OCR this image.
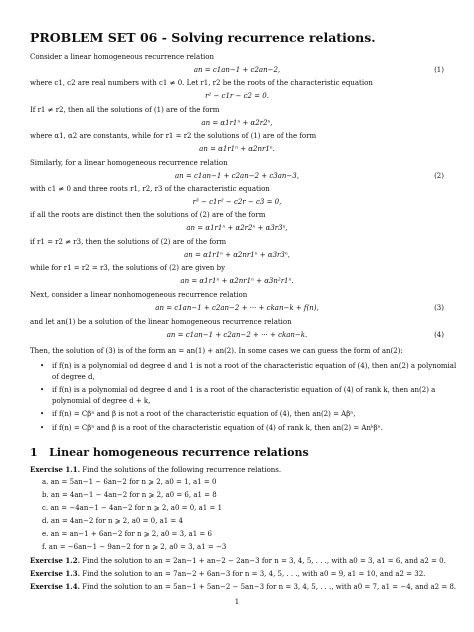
PROBLEM SET 06 - Solving recurrence relations.
Consider a linear homogeneous recurrence relation
an = c1an−1 + c2an−2,	(1)
where c1, c2 are real numbers with c1 ≠ 0. Let r1, r2 be the roots of the characteristic equation
r² − c1r − c2 = 0.
If r1 ≠ r2, then all the solutions of (1) are of the form
an = α1r1ⁿ + α2r2ⁿ,
where α1, α2 are constants, while for r1 = r2 the solutions of (1) are of the form
an = α1r1ⁿ + α2nr1ⁿ.
Similarly, for a linear homogeneous recurrence relation
an = c1an−1 + c2an−2 + c3an−3,	(2)
with c1 ≠ 0 and three roots r1, r2, r3 of the characteristic equation
r³ − c1r² − c2r − c3 = 0,
if all the roots are distinct then the solutions of (2) are of the form
an = α1r1ⁿ + α2r2ⁿ + α3r3ⁿ,
if r1 = r2 ≠ r3, then the solutions of (2) are of the form
an = α1r1ⁿ + α2nr1ⁿ + α3r3ⁿ,
while for r1 = r2 = r3, the solutions of (2) are given by
an = α1r1ⁿ + α2nr1ⁿ + α3n²r1ⁿ.
Next, consider a linear nonhomogeneous recurrence relation
an = c1an−1 + c2an−2 + ··· + ckan−k + f(n),	(3)
and let an(1) be a solution of the linear homogeneous recurrence relation
an = c1an−1 + c2an−2 + ··· + ckan−k.	(4)
Then, the solution of (3) is of the form an = an(1) + an(2). In some cases we can guess the form of an(2):
• if f(n) is a polynomial od degree d and 1 is not a root of the characteristic equation of (4), then an(2) a polynomial
of degree d,
• if f(n) is a polynomial od degree d and 1 is a root of the characteristic equation of (4) of rank k, then an(2) a
polynomial of degree d + k,
• if f(n) = Cβⁿ and β is not a root of the characteristic equation of (4), then an(2) = Aβⁿ,
• if f(n) = Cβⁿ and β is a root of the characteristic equation of (4) of rank k, then an(2) = Anᵏβⁿ.
1 Linear homogeneous recurrence relations
Exercise 1.1. Find the solutions of the following recurrence relations.
a. an = 5an−1 − 6an−2 for n ⩾ 2, a0 = 1, a1 = 0
b. an = 4an−1 − 4an−2 for n ⩾ 2, a0 = 6, a1 = 8
c. an = −4an−1 − 4an−2 for n ⩾ 2, a0 = 0, a1 = 1
d. an = 4an−2 for n ⩾ 2, a0 = 0, a1 = 4
e. an = an−1 + 6an−2 for n ⩾ 2, a0 = 3, a1 = 6
f. an = −6an−1 − 9an−2 for n ⩾ 2, a0 = 3, a1 = −3
Exercise 1.2. Find the solution to an = 2an−1 + an−2 − 2an−3 for n = 3, 4, 5, . . ., with a0 = 3, a1 = 6, and a2 = 0.
Exercise 1.3. Find the solution to an = 7an−2 + 6an−3 for n = 3, 4, 5, . . ., with a0 = 9, a1 = 10, and a2 = 32.
Exercise 1.4. Find the solution to an = 5an−1 + 5an−2 − 5an−3 for n = 3, 4, 5, . . ., with a0 = 7, a1 = −4, and a2 = 8.
1
